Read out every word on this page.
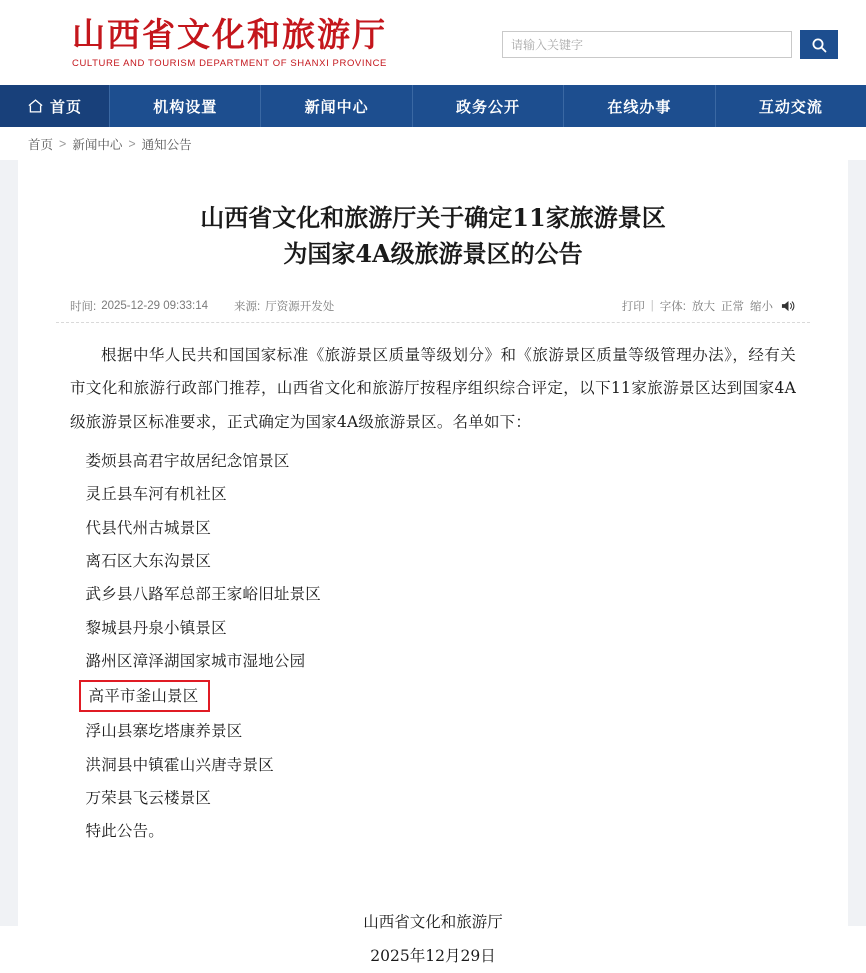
山西省文化和旅游厅
CULTURE AND TOURISM DEPARTMENT OF SHANXI PROVINCE
请输入关键字
首页	机构设置	新闻中心	政务公开	在线办事	互动交流
首页 > 新闻中心 > 通知公告
山西省文化和旅游厅关于确定11家旅游景区
为国家4A级旅游景区的公告
时间: 2025-12-29 09:33:14 来源: 厅资源开发处	打印 | 字体: 放大 正常 缩小

根据中华人民共和国国家标准《旅游景区质量等级划分》和《旅游景区质量等级管理办法》，经有关市文化和旅游行政部门推荐，山西省文化和旅游厅按程序组织综合评定，以下11家旅游景区达到国家4A级旅游景区标准要求，正式确定为国家4A级旅游景区。名单如下：

娄烦县高君宇故居纪念馆景区

灵丘县车河有机社区

代县代州古城景区

离石区大东沟景区

武乡县八路军总部王家峪旧址景区

黎城县丹泉小镇景区

潞州区漳泽湖国家城市湿地公园

高平市釜山景区

浮山县寨圪塔康养景区

洪洞县中镇霍山兴唐寺景区

万荣县飞云楼景区

特此公告。

山西省文化和旅游厅
2025年12月29日
